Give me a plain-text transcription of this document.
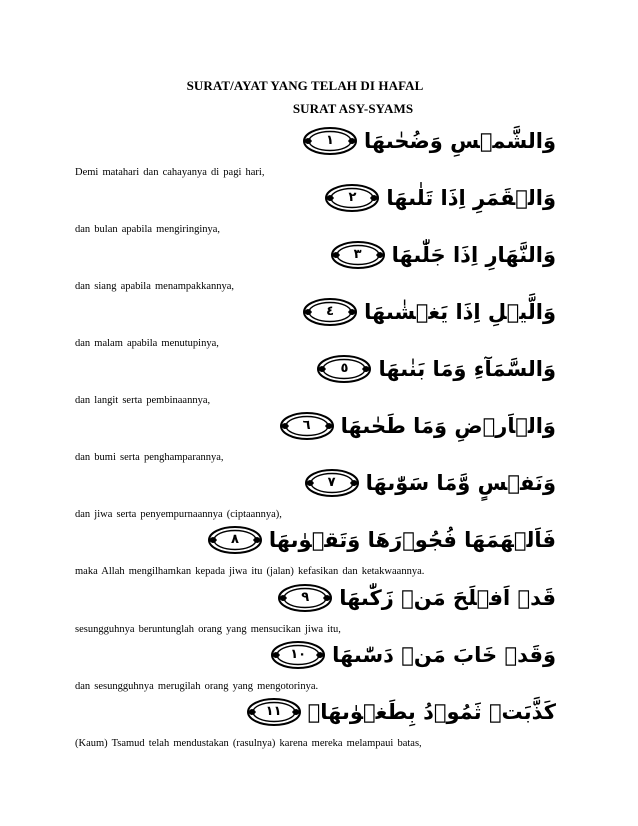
SURAT/AYAT YANG TELAH DI HAFAL
SURAT ASY-SYAMS
١	وَالشَّمۡسِ وَضُحٰىهَا
Demi matahari dan cahayanya di pagi hari,
٢	وَالۡقَمَرِ اِذَا تَلٰىهَا
dan bulan apabila mengiringinya,
٣	وَالنَّهَارِ اِذَا جَلّٰىهَا
dan siang apabila menampakkannya,
٤	وَالَّيۡلِ اِذَا يَغۡشٰىهَا
dan malam apabila menutupinya,
٥	وَالسَّمَآءِ وَمَا بَنٰىهَا
dan langit serta pembinaannya,
٦	وَالۡاَرۡضِ وَمَا طَحٰىهَا
dan bumi serta penghamparannya,
٧	وَنَفۡسٍ وَّمَا سَوّٰىهَا
dan jiwa serta penyempurnaannya (ciptaannya),
٨	فَاَلۡهَمَهَا فُجُوۡرَهَا وَتَقۡوٰىهَا
maka Allah mengilhamkan kepada jiwa itu (jalan) kefasikan dan ketakwaannya.
٩	قَدۡ اَفۡلَحَ مَنۡ زَكّٰىهَا
sesungguhnya beruntunglah orang yang mensucikan jiwa itu,
١٠	وَقَدۡ خَابَ مَنۡ دَسّٰىهَا
dan sesungguhnya merugilah orang yang mengotorinya.
١١	كَذَّبَتۡ ثَمُوۡدُ بِطَغۡوٰٮهَاۤ
(Kaum) Tsamud telah mendustakan (rasulnya) karena mereka melampaui batas,
